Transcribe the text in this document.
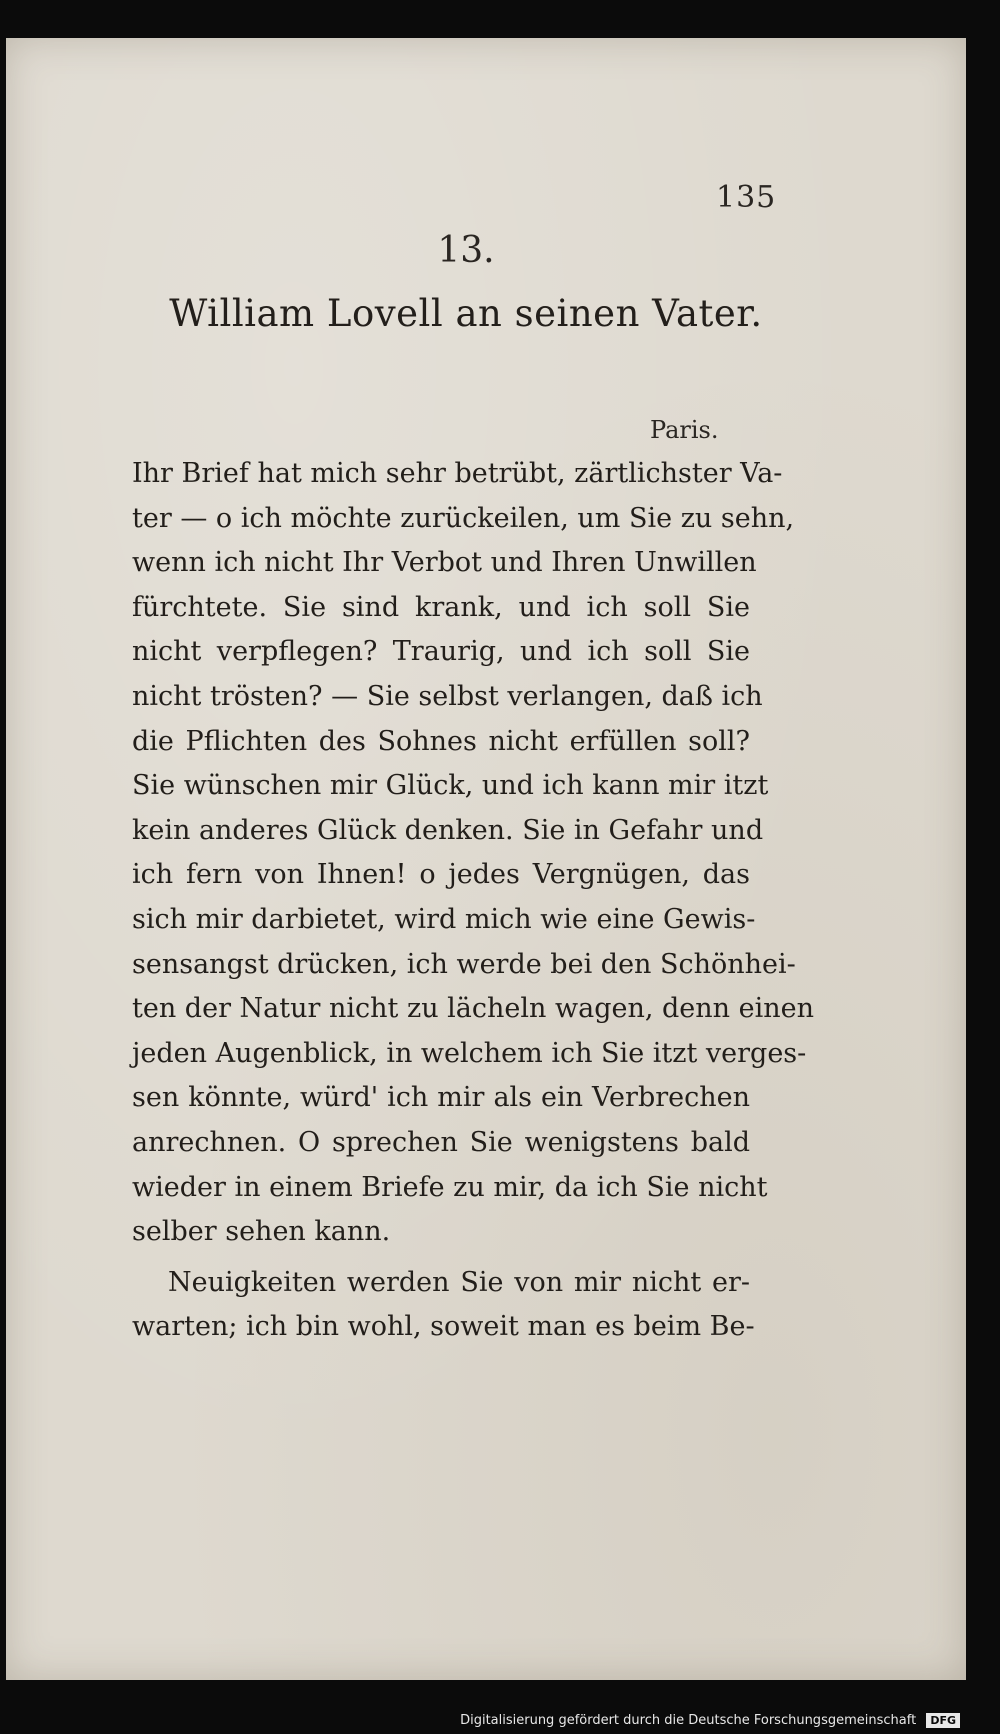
135
13.
William Lovell an seinen Vater.
Paris.
Ihr Brief hat mich sehr betrübt, zärtlichster Va-
ter — o ich möchte zurückeilen, um Sie zu sehn,
wenn ich nicht Ihr Verbot und Ihren Unwillen
fürchtete. Sie sind krank, und ich soll Sie
nicht verpflegen? Traurig, und ich soll Sie
nicht trösten? — Sie selbst verlangen, daß ich
die Pflichten des Sohnes nicht erfüllen soll?
Sie wünschen mir Glück, und ich kann mir itzt
kein anderes Glück denken. Sie in Gefahr und
ich fern von Ihnen! o jedes Vergnügen, das
sich mir darbietet, wird mich wie eine Gewis-
sensangst drücken, ich werde bei den Schönhei-
ten der Natur nicht zu lächeln wagen, denn einen
jeden Augenblick, in welchem ich Sie itzt verges-
sen könnte, würd' ich mir als ein Verbrechen
anrechnen. O sprechen Sie wenigstens bald
wieder in einem Briefe zu mir, da ich Sie nicht
selber sehen kann.
Neuigkeiten werden Sie von mir nicht er-
warten; ich bin wohl, soweit man es beim Be-
Digitalisierung gefördert durch die Deutsche Forschungsgemeinschaft DFG
